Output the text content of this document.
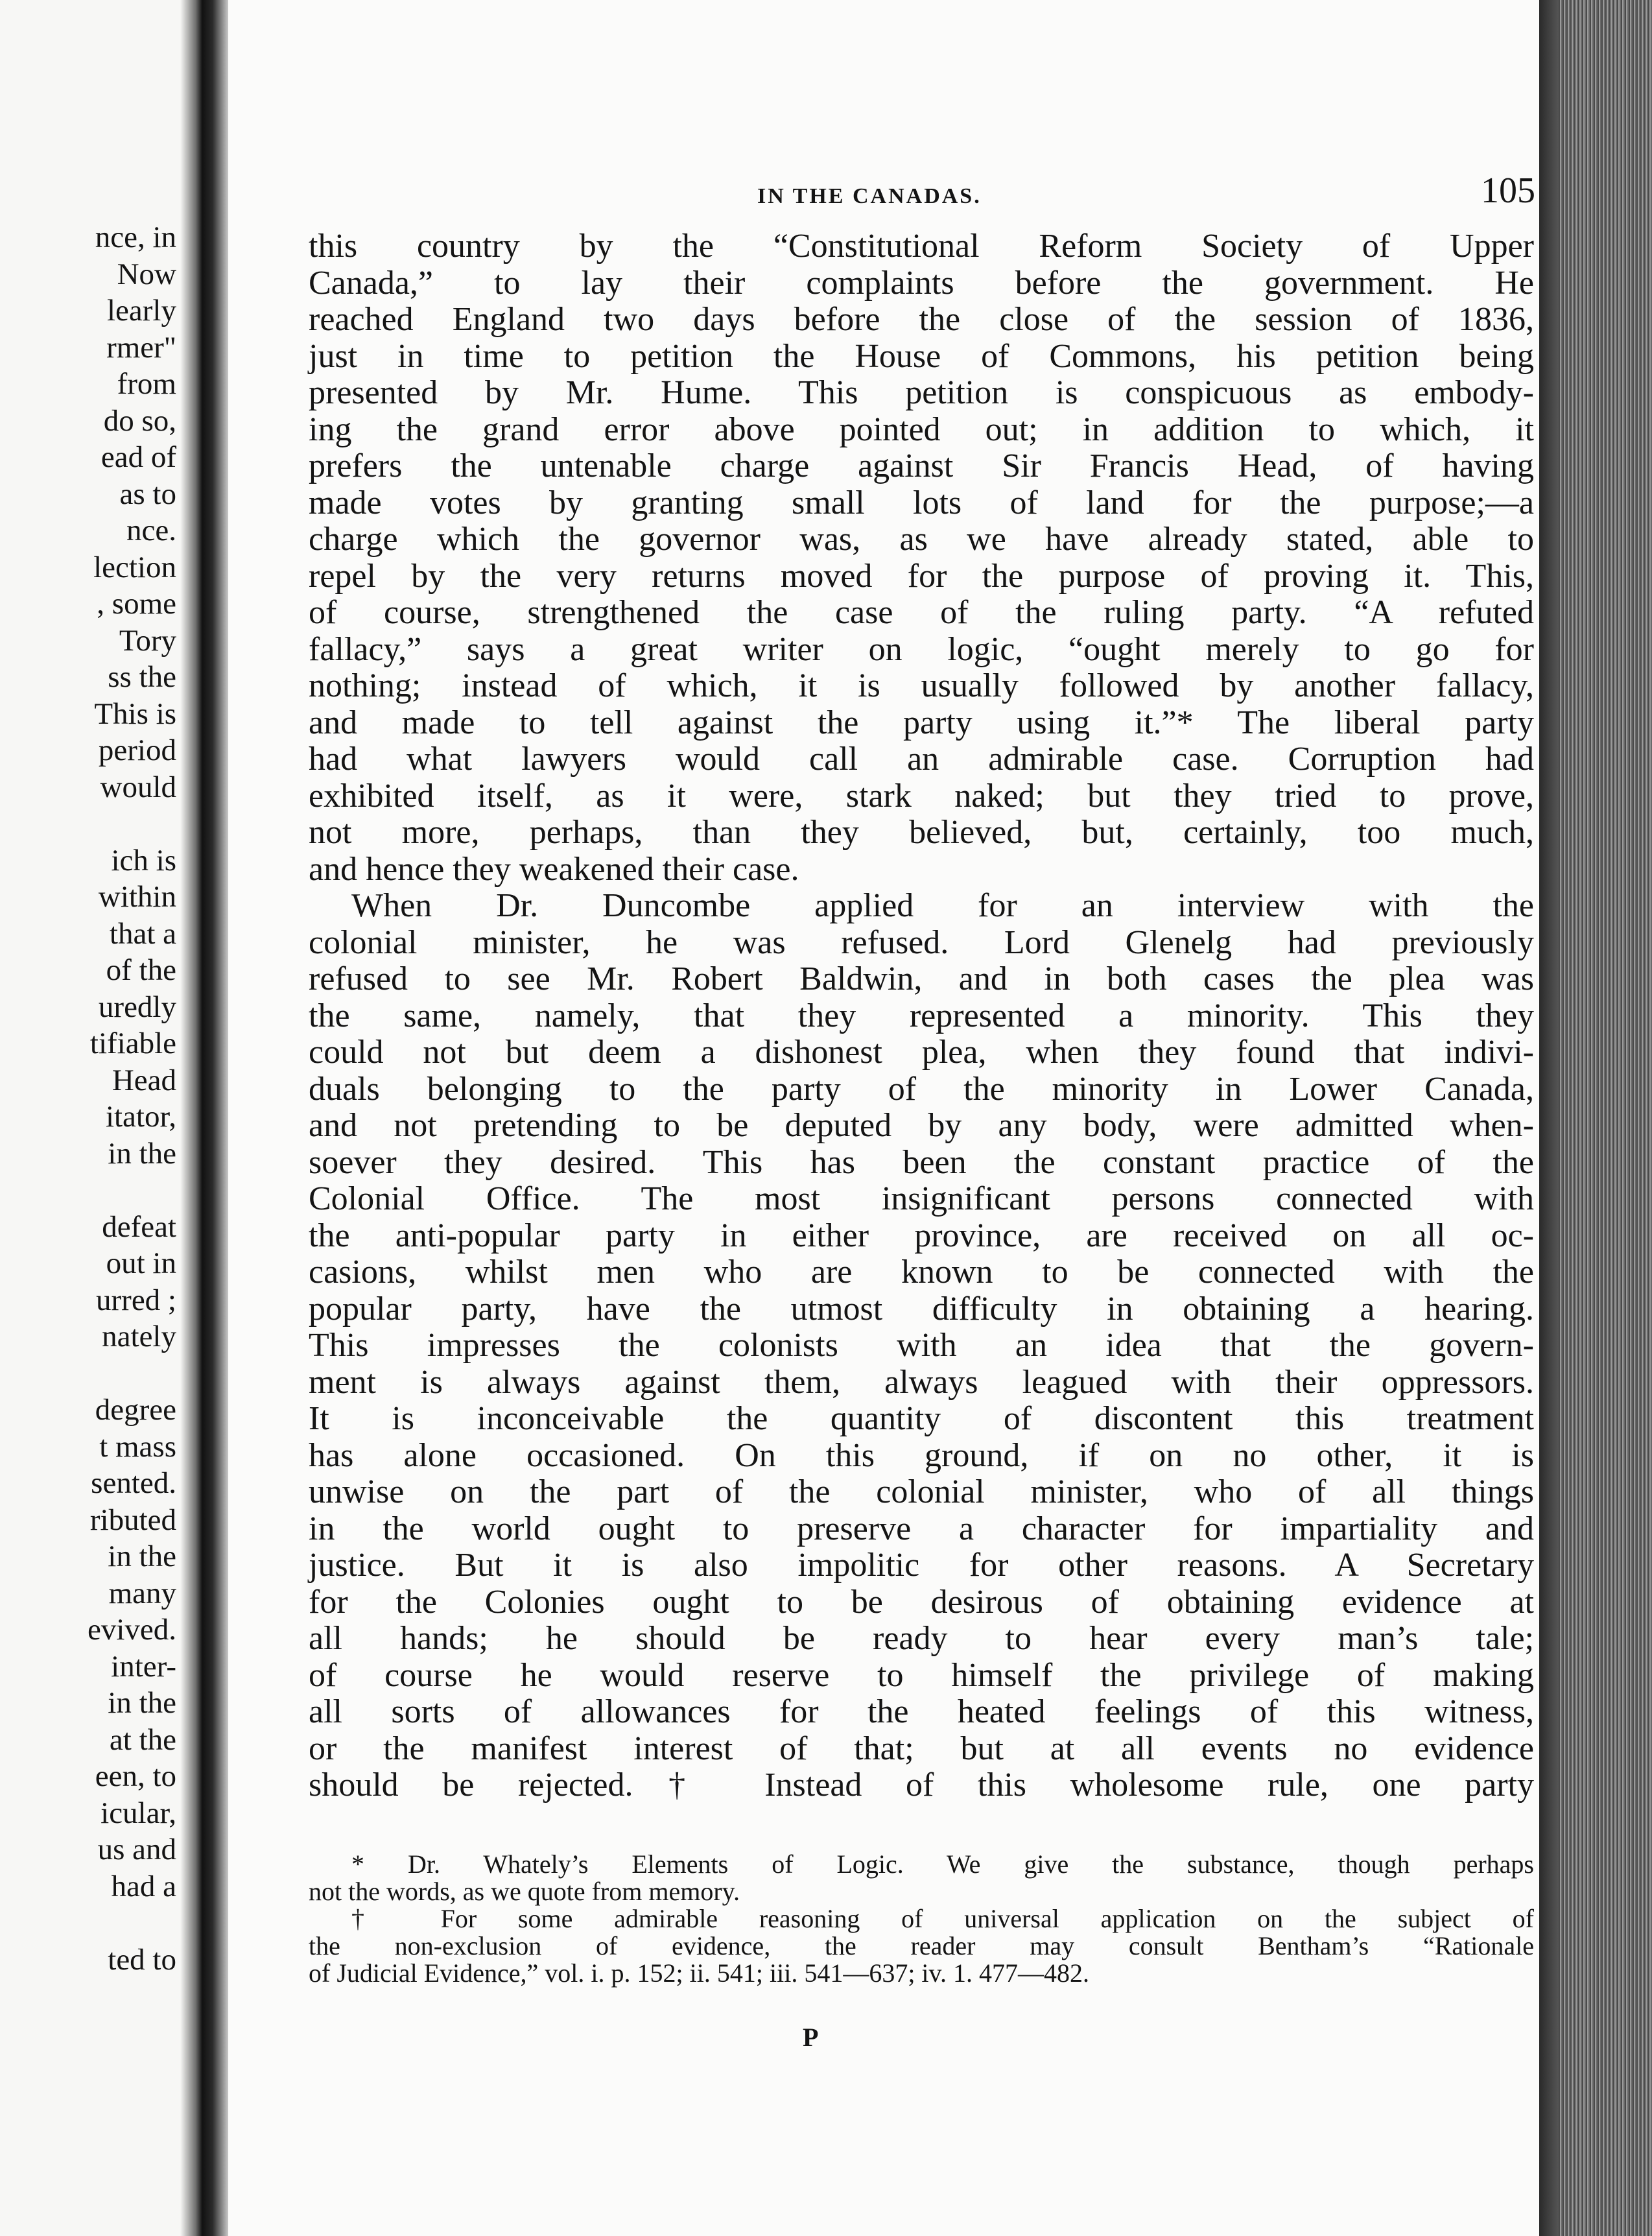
nce, in
Now
learly
rmer"
from
do so,
ead of
as to
nce.
lection
, some
Tory
ss the
This is
period
would
ich is
within
that a
of the
uredly
tifiable
Head
itator,
in the
defeat
out in
urred ;
nately
degree
t mass
sented.
ributed
in the
many
evived.
inter-
in the
at the
een, to
icular,
us and
had a
ted to
IN THE CANADAS.	105
this country by the “Constitutional Reform Society of Upper
Canada,” to lay their complaints before the government. He
reached England two days before the close of the session of 1836,
just in time to petition the House of Commons, his petition being
presented by Mr. Hume. This petition is conspicuous as embody-
ing the grand error above pointed out; in addition to which, it
prefers the untenable charge against Sir Francis Head, of having
made votes by granting small lots of land for the purpose;—a
charge which the governor was, as we have already stated, able to
repel by the very returns moved for the purpose of proving it. This,
of course, strengthened the case of the ruling party. “A refuted
fallacy,” says a great writer on logic, “ought merely to go for
nothing; instead of which, it is usually followed by another fallacy,
and made to tell against the party using it.”* The liberal party
had what lawyers would call an admirable case. Corruption had
exhibited itself, as it were, stark naked; but they tried to prove,
not more, perhaps, than they believed, but, certainly, too much,
and hence they weakened their case.
When Dr. Duncombe applied for an interview with the
colonial minister, he was refused. Lord Glenelg had previously
refused to see Mr. Robert Baldwin, and in both cases the plea was
the same, namely, that they represented a minority. This they
could not but deem a dishonest plea, when they found that indivi-
duals belonging to the party of the minority in Lower Canada,
and not pretending to be deputed by any body, were admitted when-
soever they desired. This has been the constant practice of the
Colonial Office. The most insignificant persons connected with
the anti-popular party in either province, are received on all oc-
casions, whilst men who are known to be connected with the
popular party, have the utmost difficulty in obtaining a hearing.
This impresses the colonists with an idea that the govern-
ment is always against them, always leagued with their oppressors.
It is inconceivable the quantity of discontent this treatment
has alone occasioned. On this ground, if on no other, it is
unwise on the part of the colonial minister, who of all things
in the world ought to preserve a character for impartiality and
justice. But it is also impolitic for other reasons. A Secretary
for the Colonies ought to be desirous of obtaining evidence at
all hands; he should be ready to hear every man’s tale;
of course he would reserve to himself the privilege of making
all sorts of allowances for the heated feelings of this witness,
or the manifest interest of that; but at all events no evidence
should be rejected.† Instead of this wholesome rule, one party
* Dr. Whately’s Elements of Logic. We give the substance, though perhaps
not the words, as we quote from memory.
† For some admirable reasoning of universal application on the subject of
the non-exclusion of evidence, the reader may consult Bentham’s “Rationale
of Judicial Evidence,” vol. i. p. 152; ii. 541; iii. 541—637; iv. 1. 477—482.
P
